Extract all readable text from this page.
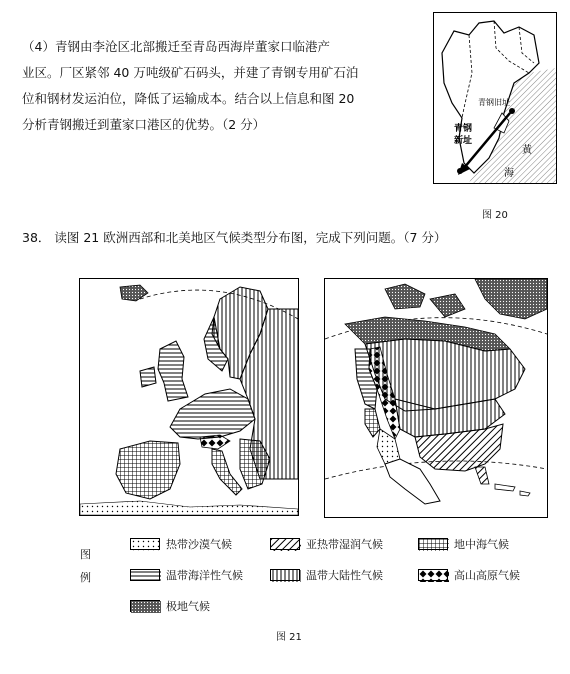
（4）青钢由李沧区北部搬迁至青岛西海岸董家口临港产
业区。厂区紧邻 40 万吨级矿石码头，并建了青钢专用矿石泊
位和钢材发运泊位，降低了运输成本。结合以上信息和图 20
分析青钢搬迁到董家口港区的优势。（2 分）
青钢旧址
青钢
新址
黄
海
图 20
38． 读图 21 欧洲西部和北美地区气候类型分布图，完成下列问题。（7 分）
图
例
热带沙漠气候	亚热带湿润气候	地中海气候
温带海洋性气候	温带大陆性气候	高山高原气候
极地气候
图 21
